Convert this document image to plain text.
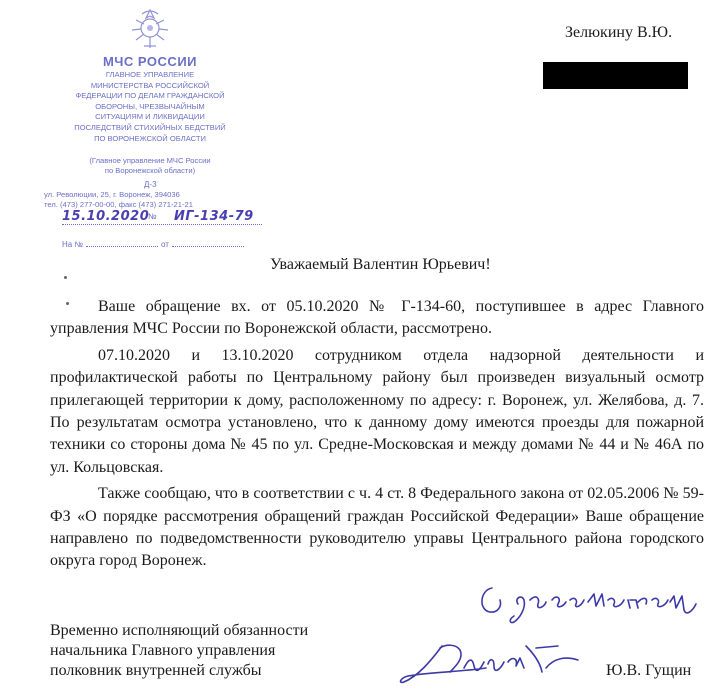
МЧС РОССИИ
ГЛАВНОЕ УПРАВЛЕНИЕ
МИНИСТЕРСТВА РОССИЙСКОЙ
ФЕДЕРАЦИИ ПО ДЕЛАМ ГРАЖДАНСКОЙ
ОБОРОНЫ, ЧРЕЗВЫЧАЙНЫМ
СИТУАЦИЯМ И ЛИКВИДАЦИИ
ПОСЛЕДСТВИЙ СТИХИЙНЫХ БЕДСТВИЙ
ПО ВОРОНЕЖСКОЙ ОБЛАСТИ
(Главное управление МЧС России
по Воронежской области)
Д-3
ул. Революции, 25, г. Воронеж, 394036
тел. (473) 277-00-00, факс (473) 271-21-21
15.10.2020
№ ИГ-134-79
На №	от
Зелюкину В.Ю.
Уважаемый Валентин Юрьевич!

Ваше обращение вх. от 05.10.2020 № Г-134-60, поступившее в адрес Главного управления МЧС России по Воронежской области, рассмотрено.

07.10.2020 и 13.10.2020 сотрудником отдела надзорной деятельности и профилактической работы по Центральному району был произведен визуальный осмотр прилегающей территории к дому, расположенному по адресу: г. Воронеж, ул. Желябова, д. 7. По результатам осмотра установлено, что к данному дому имеются проезды для пожарной техники со стороны дома № 45 по ул. Средне-Московская и между домами № 44 и № 46А по ул. Кольцовская.

Также сообщаю, что в соответствии с ч. 4 ст. 8 Федерального закона от 02.05.2006 № 59-ФЗ «О порядке рассмотрения обращений граждан Российской Федерации» Ваше обращение направлено по подведомственности руководителю управы Центрального района городского округа город Воронеж.

Временно исполняющий обязанности
начальника Главного управления
полковник внутренней службы	Ю.В. Гущин
